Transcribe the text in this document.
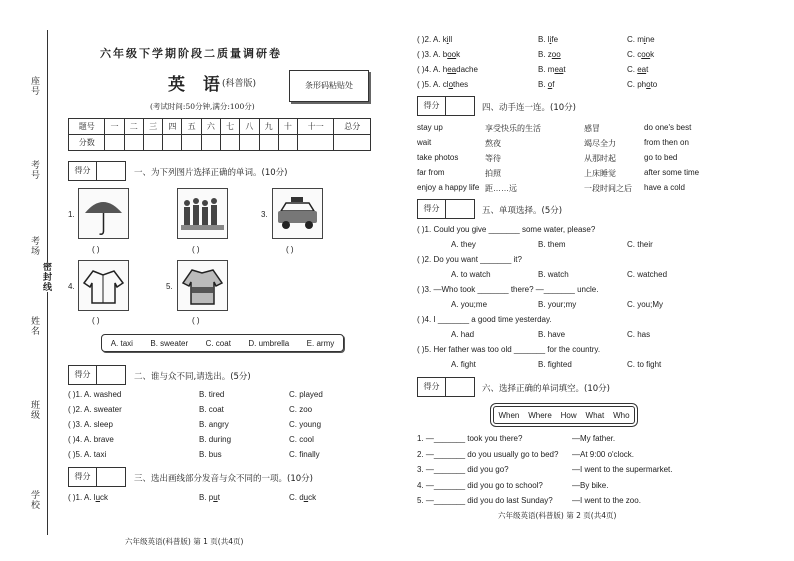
座号
考号
考场
密封线
姓名
班级
学校
六年级下学期阶段二质量调研卷
英 语
(科普版)
(考试时间:50分钟,满分:100分)
条形码粘贴处
题号	一	二	三	四	五	六	七	八	九	十	十一	总分
分数												
得分	一、为下列图片选择正确的单词。(10分)
1.
( )	( )
3.
( )
4.
( )
5.
( )
A. taxi B. sweater C. coat D. umbrella E. army
得分	二、谁与众不同,请选出。(5分)
( )1. A. washed	B. tired	C. played
( )2. A. sweater	B. coat	C. zoo
( )3. A. sleep	B. angry	C. young
( )4. A. brave	B. during	C. cool
( )5. A. taxi	B. bus	C. finally
得分	三、选出画线部分发音与众不同的一项。(10分)
( )1. A. luck	B. put	C. duck
( )2. A. kill	B. life	C. mine
( )3. A. book	B. zoo	C. cook
( )4. A. headache	B. meat	C. eat
( )5. A. clothes	B. of	C. photo
六年级英语(科普版) 第 1 页(共4页)
得分	四、动手连一连。(10分)
stay up	享受快乐的生活	感冒	do one's best
wait	熬夜	竭尽全力	from then on
take photos	等待	从那时起	go to bed
far from	拍照	上床睡觉	after some time
enjoy a happy life 距……远	一段时间之后 have a cold
得分	五、单项选择。(5分)
( )1. Could you give _______ some water, please?
A. they	B. them	C. their
( )2. Do you want _______ it?
A. to watch	B. watch	C. watched
( )3. —Who took _______ there? —_______ uncle.
A. you;me	B. your;my	C. you;My
( )4. I _______ a good time yesterday.
A. had	B. have	C. has
( )5. Her father was too old _______ for the country.
A. fight	B. fighted	C. to fight
得分	六、选择正确的单词填空。(10分)
When Where How What Who
1. —_______ took you there?	—My father.
2. —_______ do you usually go to bed? —At 9:00 o'clock.
3. —_______ did you go?	—I went to the supermarket.
4. —_______ did you go to school?	—By bike.
5. —_______ did you do last Sunday? —I went to the zoo.
六年级英语(科普版) 第 2 页(共4页)
